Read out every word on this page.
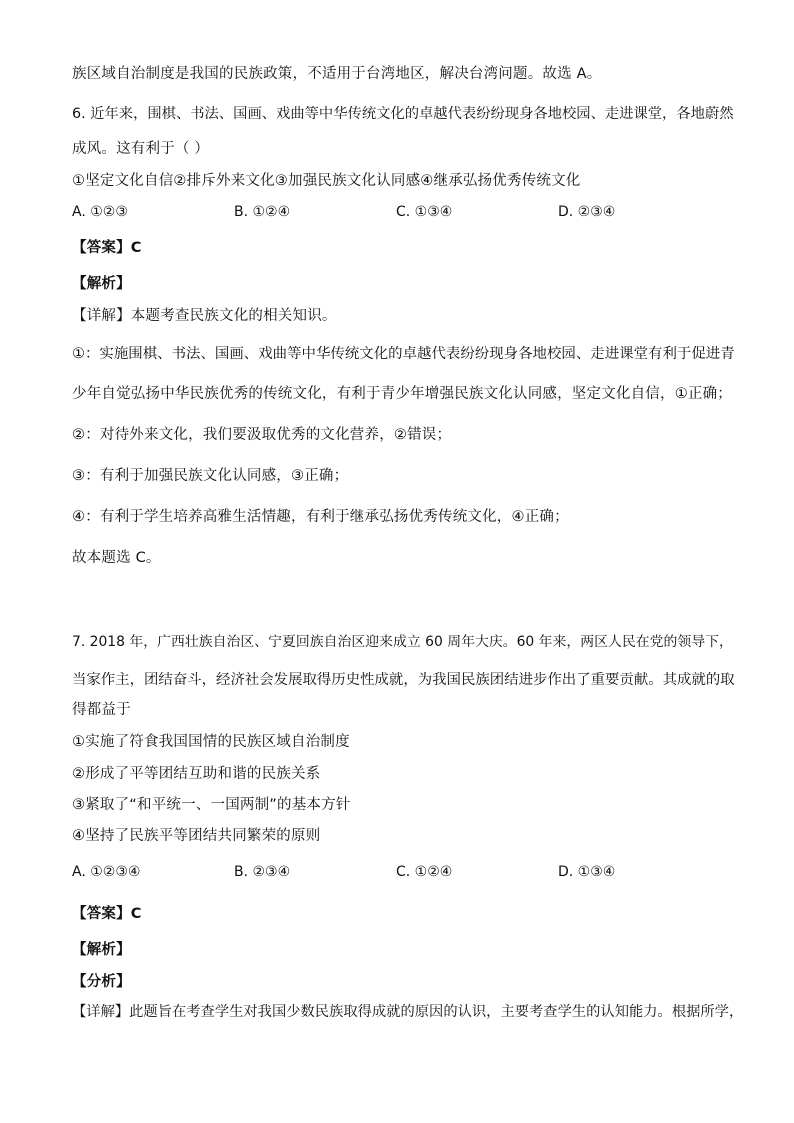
族区域自治制度是我国的民族政策，不适用于台湾地区，解决台湾问题。故选 A。
6. 近年来，围棋、书法、国画、戏曲等中华传统文化的卓越代表纷纷现身各地校园、走进课堂，各地蔚然
成风。这有利于（ ）
①坚定文化自信②排斥外来文化③加强民族文化认同感④继承弘扬优秀传统文化
A. ①②③	B. ①②④	C. ①③④	D. ②③④
【答案】C
【解析】
【详解】本题考查民族文化的相关知识。
①：实施围棋、书法、国画、戏曲等中华传统文化的卓越代表纷纷现身各地校园、走进课堂有利于促进青
少年自觉弘扬中华民族优秀的传统文化，有利于青少年增强民族文化认同感，坚定文化自信，①正确；
②：对待外来文化，我们要汲取优秀的文化营养，②错误；
③：有利于加强民族文化认同感，③正确；
④：有利于学生培养高雅生活情趣，有利于继承弘扬优秀传统文化，④正确；
故本题选 C。
7. 2018 年，广西壮族自治区、宁夏回族自治区迎来成立 60 周年大庆。60 年来，两区人民在党的领导下，
当家作主，团结奋斗，经济社会发展取得历史性成就，为我国民族团结进步作出了重要贡献。其成就的取
得都益于
①实施了符食我国国情的民族区域自治制度
②形成了平等团结互助和谐的民族关系
③紧取了“和平统一、一国两制”的基本方针
④坚持了民族平等团结共同繁荣的原则
A. ①②③④	B. ②③④	C. ①②④	D. ①③④
【答案】C
【解析】
【分析】
【详解】此题旨在考查学生对我国少数民族取得成就的原因的认识，主要考查学生的认知能力。根据所学，
